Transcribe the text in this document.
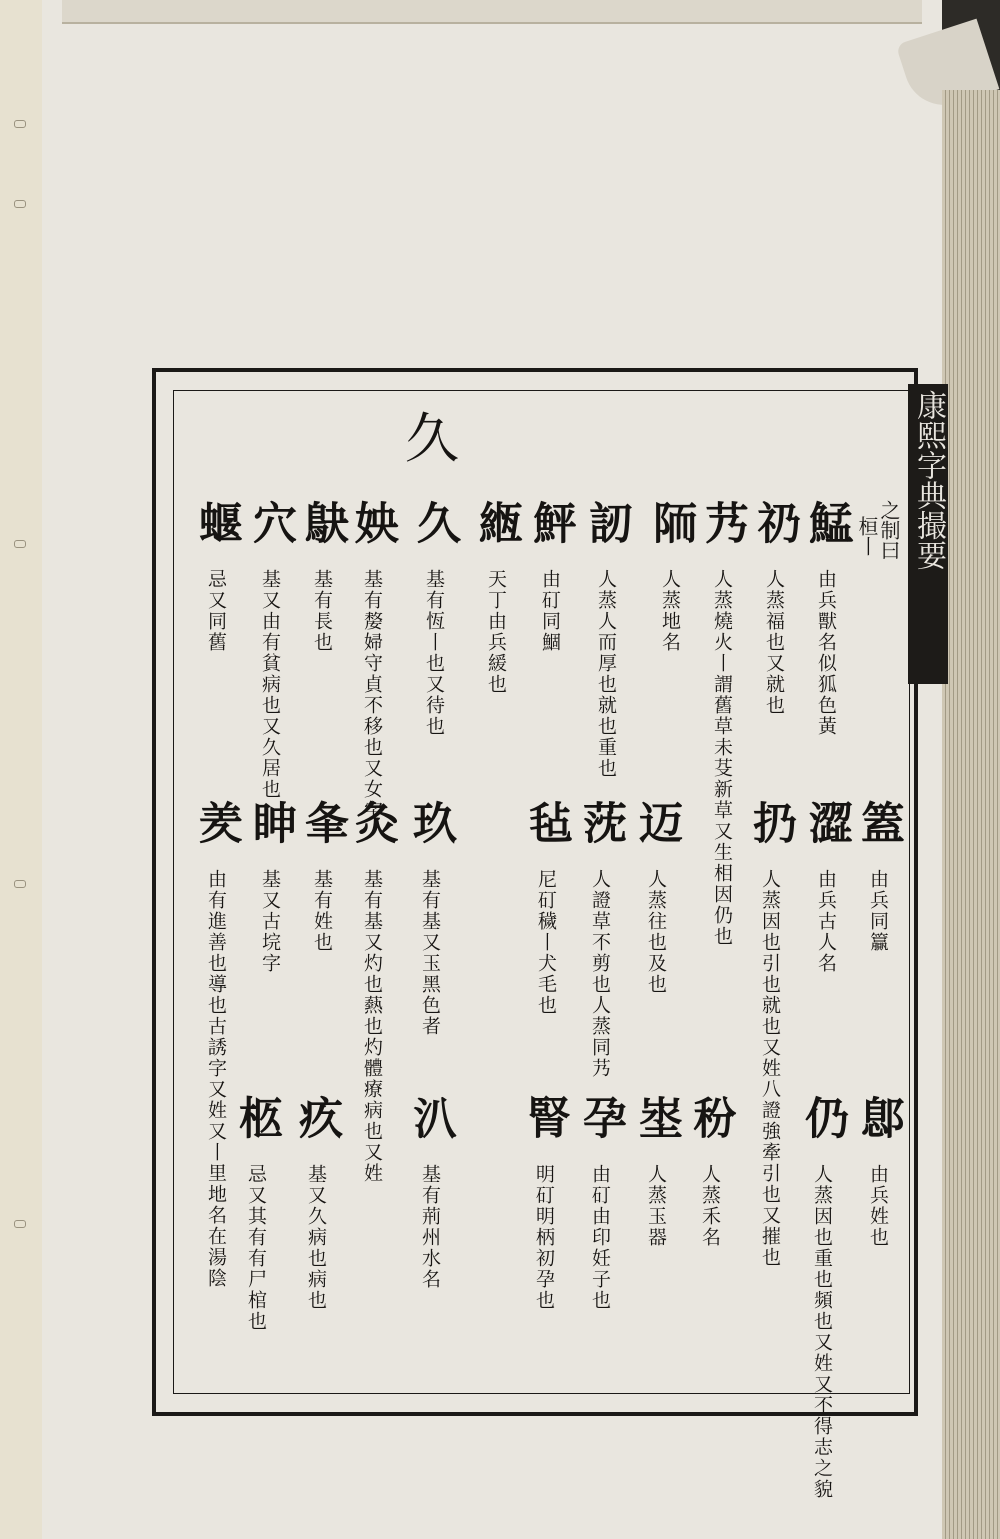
康熙字典撮要
久
之制曰
桓丨
鯭 由兵獸名似狐色黃
礽 人蒸福也又就也
艿 人蒸燒火丨謂舊草未芟新草又生相因仍也
陑 人蒸地名
訒 人蒸人而厚也就也重也
鮃 由矴同鯝
緪 天丁由兵緩也
久 基有恆丨也又待也
姎 基有嫠婦守貞不移也又女字
鴃 基有長也
穴 基又由有貧病也又久居也
蝘 忌又同舊
篕 由兵同籯
澀 由兵古人名
扔 人蒸因也引也就也又姓八證強牽引也又摧也
迈 人蒸往也及也
莐 人證草不剪也人蒸同艿
毡 尼矴穢丨犬毛也
玖 基有基又玉黑色者
灸 基有基又灼也爇也灼體療病也又姓
夆 基有姓也
眒 基又古垸字
羑 由有進善也導也古誘字又姓又丨里地名在湯陰	鄎 由兵姓也
仍 人蒸因也重也頻也又姓又不得志之貌
秎 人蒸禾名
埊 人蒸玉器
孕 由矴由印妊子也
腎 明矴明柄初孕也
汃 基有荊州水名
疚 基又久病也病也
柩 忌又其有有尸棺也
